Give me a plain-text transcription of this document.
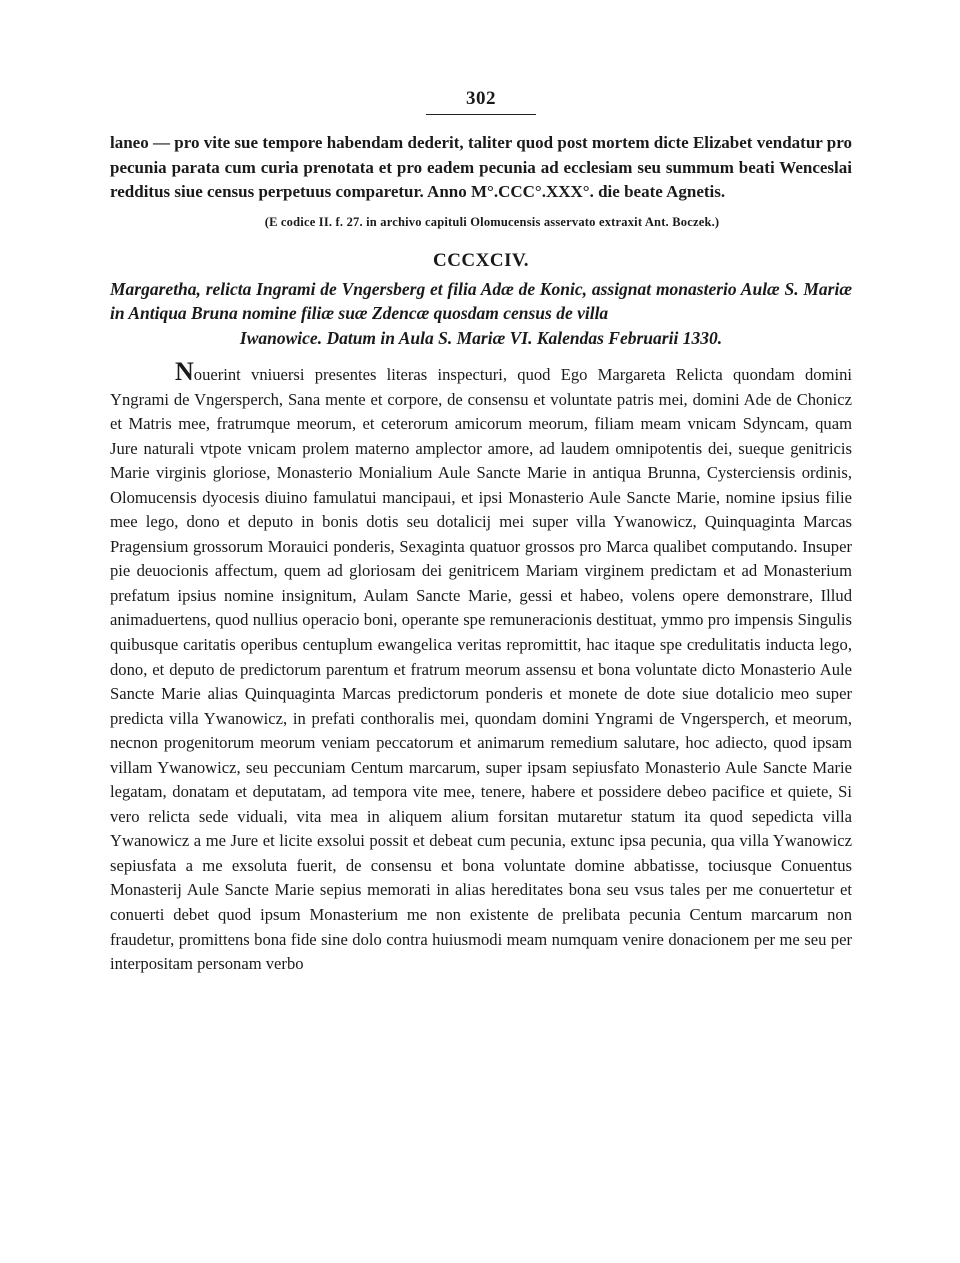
302

laneo — pro vite sue tempore habendam dederit, taliter quod post mortem dicte Elizabet vendatur pro pecunia parata cum curia prenotata et pro eadem pecunia ad ecclesiam seu summum beati Wenceslai redditus siue census perpetuus comparetur. Anno M°.CCC°.XXX°. die beate Agnetis.

(E codice II. f. 27. in archivo capituli Olomucensis asservato extraxit Ant. Boczek.)

CCCXCIV.

Margaretha, relicta Ingrami de Vngersberg et filia Adæ de Konic, assignat monasterio Aulæ S. Mariæ in Antiqua Bruna nomine filiæ suæ Zdencæ quosdam census de villa
Iwanowice. Datum in Aula S. Mariæ VI. Kalendas Februarii 1330.

Nouerint vniuersi presentes literas inspecturi, quod Ego Margareta Relicta quondam domini Yngrami de Vngersperch, Sana mente et corpore, de consensu et voluntate patris mei, domini Ade de Chonicz et Matris mee, fratrumque meorum, et ceterorum amicorum meorum, filiam meam vnicam Sdyncam, quam Jure naturali vtpote vnicam prolem materno amplector amore, ad laudem omnipotentis dei, sueque genitricis Marie virginis gloriose, Monasterio Monialium Aule Sancte Marie in antiqua Brunna, Cysterciensis ordinis, Olomucensis dyocesis diuino famulatui mancipaui, et ipsi Monasterio Aule Sancte Marie, nomine ipsius filie mee lego, dono et deputo in bonis dotis seu dotalicij mei super villa Ywanowicz, Quinquaginta Marcas Pragensium grossorum Morauici ponderis, Sexaginta quatuor grossos pro Marca qualibet computando. Insuper pie deuocionis affectum, quem ad gloriosam dei genitricem Mariam virginem predictam et ad Monasterium prefatum ipsius nomine insignitum, Aulam Sancte Marie, gessi et habeo, volens opere demonstrare, Illud animaduertens, quod nullius operacio boni, operante spe remuneracionis destituat, ymmo pro impensis Singulis quibusque caritatis operibus centuplum ewangelica veritas repromittit, hac itaque spe credulitatis inducta lego, dono, et deputo de predictorum parentum et fratrum meorum assensu et bona voluntate dicto Monasterio Aule Sancte Marie alias Quinquaginta Marcas predictorum ponderis et monete de dote siue dotalicio meo super predicta villa Ywanowicz, in prefati conthoralis mei, quondam domini Yngrami de Vngersperch, et meorum, necnon progenitorum meorum veniam peccatorum et animarum remedium salutare, hoc adiecto, quod ipsam villam Ywanowicz, seu peccuniam Centum marcarum, super ipsam sepiusfato Monasterio Aule Sancte Marie legatam, donatam et deputatam, ad tempora vite mee, tenere, habere et possidere debeo pacifice et quiete, Si vero relicta sede viduali, vita mea in aliquem alium forsitan mutaretur statum ita quod sepedicta villa Ywanowicz a me Jure et licite exsolui possit et debeat cum pecunia, extunc ipsa pecunia, qua villa Ywanowicz sepiusfata a me exsoluta fuerit, de consensu et bona voluntate domine abbatisse, tociusque Conuentus Monasterij Aule Sancte Marie sepius memorati in alias hereditates bona seu vsus tales per me conuertetur et conuerti debet quod ipsum Monasterium me non existente de prelibata pecunia Centum marcarum non fraudetur, promittens bona fide sine dolo contra huiusmodi meam numquam venire donacionem per me seu per interpositam personam verbo
